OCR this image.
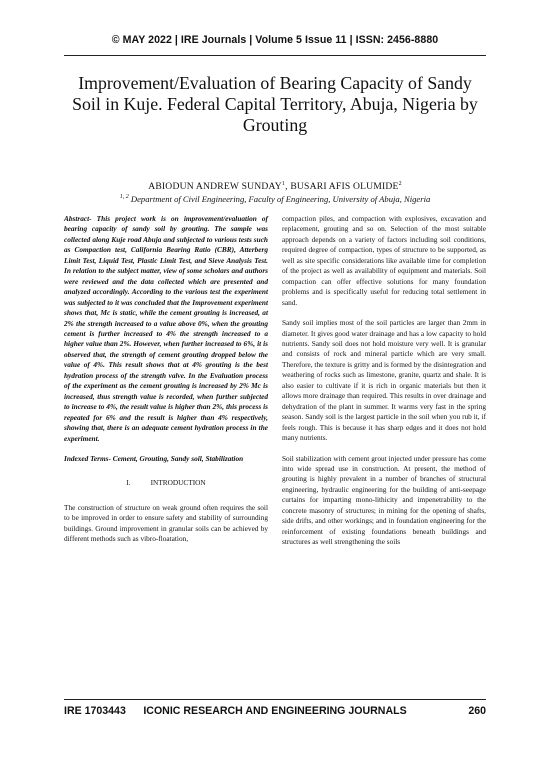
© MAY 2022 | IRE Journals | Volume 5 Issue 11 | ISSN: 2456-8880
Improvement/Evaluation of Bearing Capacity of Sandy Soil in Kuje. Federal Capital Territory, Abuja, Nigeria by Grouting
ABIODUN ANDREW SUNDAY$^1$, BUSARI AFIS OLUMIDE$^2$
$^{1, 2}$ Department of Civil Engineering, Faculty of Engineering, University of Abuja, Nigeria

Abstract- This project work is on improvement/evaluation of bearing capacity of sandy soil by grouting. The sample was collected along Kuje road Abuja and subjected to various tests such as Compaction test, California Bearing Ratio (CBR), Atterberg Limit Test, Liquid Test, Plastic Limit Test, and Sieve Analysis Test. In relation to the subject matter, view of some scholars and authors were reviewed and the data collected which are presented and analyzed accordingly. According to the various test the experiment was subjected to it was concluded that the Improvement experiment shows that, Mc is static, while the cement grouting is increased, at 2% the strength increased to a value above 0%, when the grouting cement is further increased to 4% the strength increased to a higher value than 2%. However, when further increased to 6%, it is observed that, the strength of cement grouting dropped below the value of 4%. This result shows that at 4% grouting is the best hydration process of the strength valve. In the Evaluation process of the experiment as the cement grouting is increased by 2% Mc is increased, thus strength value is recorded, when further subjected to increase to 4%, the result value is higher than 2%, this process is repeated for 6% and the result is higher than 4% respectively, showing that, there is an adequate cement hydration process in the experiment.

Indexed Terms- Cement, Grouting, Sandy soil, Stabilization

I.	INTRODUCTION

The construction of structure on weak ground often requires the soil to be improved in order to ensure safety and stability of surrounding buildings. Ground improvement in granular soils can be achieved by different methods such as vibro-floatation,

compaction piles, and compaction with explosives, excavation and replacement, grouting and so on. Selection of the most suitable approach depends on a variety of factors including soil conditions, required degree of compaction, types of structure to be supported, as well as site specific considerations like available time for completion of the project as well as availability of equipment and materials. Soil compaction can offer effective solutions for many foundation problems and is specifically useful for reducing total settlement in sand.

Sandy soil implies most of the soil particles are larger than 2mm in diameter. It gives good water drainage and has a low capacity to hold nutrients. Sandy soil does not hold moisture very well. It is granular and consists of rock and mineral particle which are very small. Therefore, the texture is gritty and is formed by the disintegration and weathering of rocks such as limestone, granite, quartz and shale. It is also easier to cultivate if it is rich in organic materials but then it allows more drainage than required. This results in over drainage and dehydration of the plant in summer. It warms very fast in the spring season. Sandy soil is the largest particle in the soil when you rub it, if feels rough. This is because it has sharp edges and it does not hold many nutrients.

Soil stabilization with cement grout injected under pressure has come into wide spread use in construction. At present, the method of grouting is highly prevalent in a number of branches of structural engineering, hydraulic engineering for the building of anti-seepage curtains for imparting mono-lithicity and impenetrability to the concrete masonry of structures; in mining for the opening of shafts, side drifts, and other workings; and in foundation engineering for the reinforcement of existing foundations beneath buildings and structures as well strengthening the soils

ICONIC RESEARCH AND ENGINEERING JOURNALS
IRE 1703443	260
